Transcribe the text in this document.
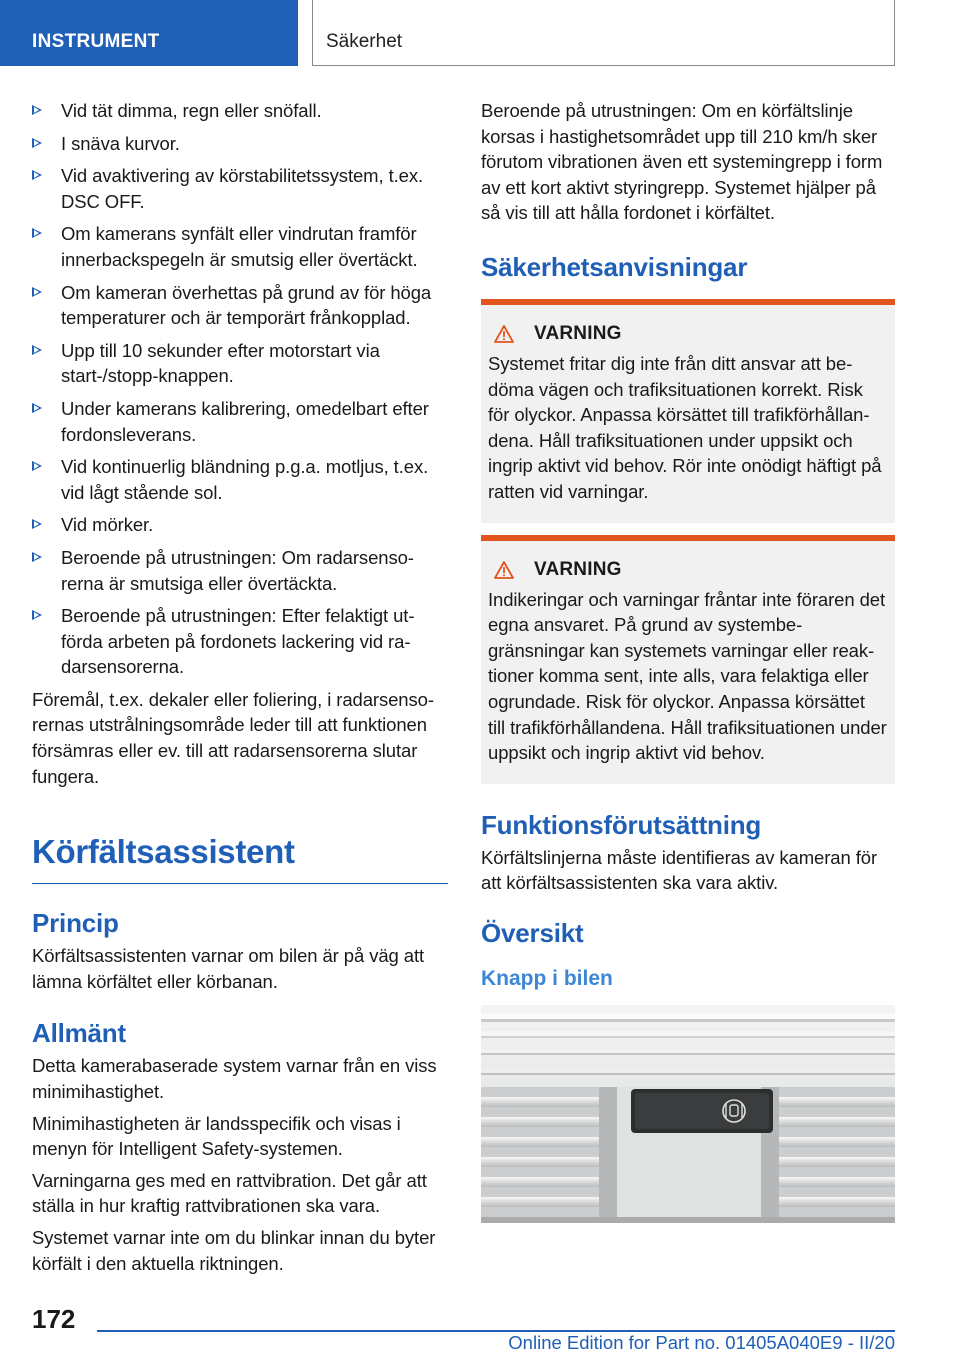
INSTRUMENT	Säkerhet
Vid tät dimma, regn eller snöfall.
I snäva kurvor.
Vid avaktivering av körstabilitetssystem, t.ex. DSC OFF.
Om kamerans synfält eller vindrutan framför innerbackspegeln är smutsig eller övertäckt.
Om kameran överhettas på grund av för höga temperaturer och är temporärt frånkopplad.
Upp till 10 sekunder efter motorstart via start-/stopp-knappen.
Under kamerans kalibrering, omedelbart efter fordonsleverans.
Vid kontinuerlig bländning p.g.a. motljus, t.ex. vid lågt stående sol.
Vid mörker.
Beroende på utrustningen: Om radarsensorerna är smutsiga eller övertäckta.
Beroende på utrustningen: Efter felaktigt utförda arbeten på fordonets lackering vid radarsensorerna.

Föremål, t.ex. dekaler eller foliering, i radarsensorernas utstrålningsområde leder till att funktionen försämras eller ev. till att radarsensorerna slutar fungera.

Körfältsassistent
Princip

Körfältsassistenten varnar om bilen är på väg att lämna körfältet eller körbanan.

Allmänt

Detta kamerabaserade system varnar från en viss minimihastighet.

Minimihastigheten är landsspecifik och visas i menyn för Intelligent Safety-systemen.

Varningarna ges med en rattvibration. Det går att ställa in hur kraftig rattvibrationen ska vara.

Systemet varnar inte om du blinkar innan du byter körfält i den aktuella riktningen.

Beroende på utrustningen: Om en körfältslinje korsas i hastighetsområdet upp till 210 km/h sker förutom vibrationen även ett systemingrepp i form av ett kort aktivt styringrepp. Systemet hjälper på så vis till att hålla fordonet i körfältet.

Säkerhetsanvisningar
VARNING

Systemet fritar dig inte från ditt ansvar att bedöma vägen och trafiksituationen korrekt. Risk för olyckor. Anpassa körsättet till trafikförhållandena. Håll trafiksituationen under uppsikt och ingrip aktivt vid behov. Rör inte onödigt häftigt på ratten vid varningar.

VARNING

Indikeringar och varningar fråntar inte föraren det egna ansvaret. På grund av systembegränsningar kan systemets varningar eller reaktioner komma sent, inte alls, vara felaktiga eller ogrundade. Risk för olyckor. Anpassa körsättet till trafikförhållandena. Håll trafiksituationen under uppsikt och ingrip aktivt vid behov.

Funktionsförutsättning

Körfältslinjerna måste identifieras av kameran för att körfältsassistenten ska vara aktiv.

Översikt
Knapp i bilen
172
Online Edition for Part no. 01405A040E9 - II/20
